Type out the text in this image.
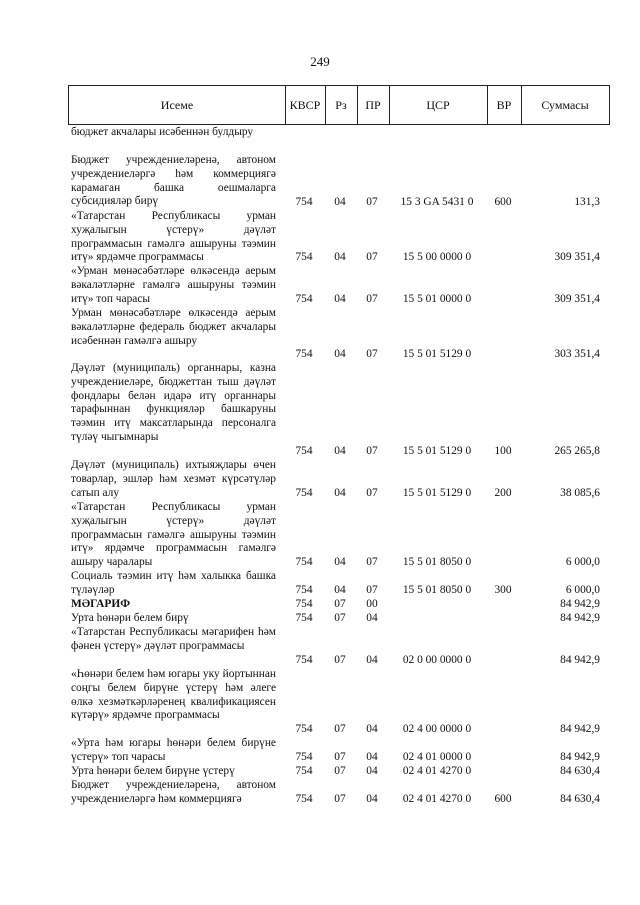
249
Исеме	КВСР	Рз	ПР	ЦСР	ВР	Суммасы
бюджет акчалары исәбеннән булдыру
Бюджет учреждениеләренә, автоном учреждениеләргә һәм коммерциягә карамаган башка оешмаларга субсидияләр бирү	754	04	07	15 3 GA 5431 0	600	131,3
«Татарстан Республикасы урман хуҗалыгын үстерү» дәүләт программасын гамәлгә ашыруны тәэмин итү» ярдәмче программасы	754	04	07	15 5 00 0000 0	309 351,4
«Урман мөнәсәбәтләре өлкәсендә аерым вәкаләтләрне гамәлгә ашыруны тәэмин итү» топ чарасы	754	04	07	15 5 01 0000 0	309 351,4
Урман мөнәсәбәтләре өлкәсендә аерым вәкаләтләрне федераль бюджет акчалары исәбеннән гамәлгә ашыру
754	04	07	15 5 01 5129 0	303 351,4
Дәүләт (муниципаль) органнары, казна учреждениеләре, бюджеттан тыш дәүләт фондлары белән идарә итү органнары тарафыннан функцияләр башкаруны тәэмин итү максатларында персоналга түләү чыгымнары
754	04	07	15 5 01 5129 0	100	265 265,8
Дәүләт (муниципаль) ихтыяҗлары өчен товарлар, эшләр һәм хезмәт күрсәтүләр сатып алу	754	04	07	15 5 01 5129 0	200	38 085,6
«Татарстан Республикасы урман хуҗалыгын үстерү» дәүләт программасын гамәлгә ашыруны тәэмин итү» ярдәмче программасын гамәлгә ашыру чаралары	754	04	07	15 5 01 8050 0	6 000,0
Социаль тәэмин итү һәм халыкка башка түләүләр	754	04	07	15 5 01 8050 0	300	6 000,0
МӘГАРИФ	754	07	00	84 942,9
Урта һөнәри белем бирү	754	07	04	84 942,9
«Татарстан Республикасы мәгарифен һәм фәнен үстерү» дәүләт программасы
754	07	04	02 0 00 0000 0	84 942,9
«Һөнәри белем һәм югары уку йортыннан соңгы белем бирүне үстерү һәм әлеге өлкә хезмәткәрләренең квалификациясен күтәрү» ярдәмче программасы
754	07	04	02 4 00 0000 0	84 942,9
«Урта һәм югары һөнәри белем бирүне үстерү» топ чарасы	754	07	04	02 4 01 0000 0	84 942,9
Урта һөнәри белем бирүне үстерү	754	07	04	02 4 01 4270 0	84 630,4
Бюджет учреждениеләренә, автоном учреждениеләргә һәм коммерциягә	754	07	04	02 4 01 4270 0	600	84 630,4
